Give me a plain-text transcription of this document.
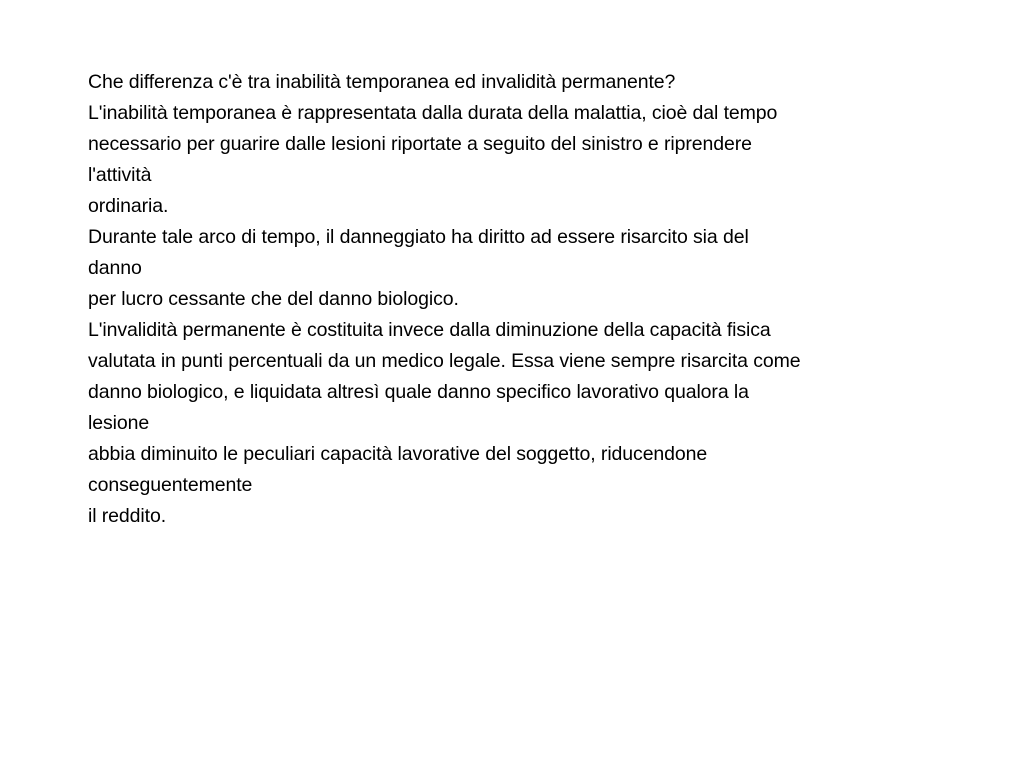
Che differenza c'è tra inabilità temporanea ed invalidità permanente?
L'inabilità temporanea è rappresentata dalla durata della malattia, cioè dal tempo
necessario per guarire dalle lesioni riportate a seguito del sinistro e riprendere
l'attività
ordinaria.
Durante tale arco di tempo, il danneggiato ha diritto ad essere risarcito sia del
danno
per lucro cessante che del danno biologico.
L'invalidità permanente è costituita invece dalla diminuzione della capacità fisica
valutata in punti percentuali da un medico legale. Essa viene sempre risarcita come
danno biologico, e liquidata altresì quale danno specifico lavorativo qualora la
lesione
abbia diminuito le peculiari capacità lavorative del soggetto, riducendone
conseguentemente
il reddito.
